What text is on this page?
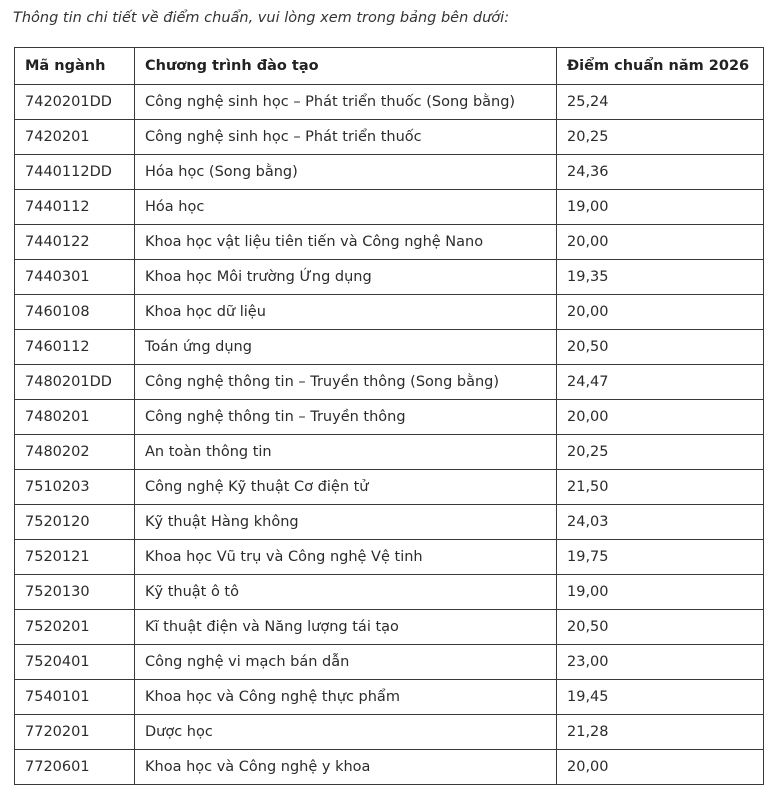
Thông tin chi tiết về điểm chuẩn, vui lòng xem trong bảng bên dưới:
Mã ngành	Chương trình đào tạo	Điểm chuẩn năm 2026
7420201DD	Công nghệ sinh học – Phát triển thuốc (Song bằng)	25,24
7420201	Công nghệ sinh học – Phát triển thuốc	20,25
7440112DD	Hóa học (Song bằng)	24,36
7440112	Hóa học	19,00
7440122	Khoa học vật liệu tiên tiến và Công nghệ Nano	20,00
7440301	Khoa học Môi trường Ứng dụng	19,35
7460108	Khoa học dữ liệu	20,00
7460112	Toán ứng dụng	20,50
7480201DD	Công nghệ thông tin – Truyền thông (Song bằng)	24,47
7480201	Công nghệ thông tin – Truyền thông	20,00
7480202	An toàn thông tin	20,25
7510203	Công nghệ Kỹ thuật Cơ điện tử	21,50
7520120	Kỹ thuật Hàng không	24,03
7520121	Khoa học Vũ trụ và Công nghệ Vệ tinh	19,75
7520130	Kỹ thuật ô tô	19,00
7520201	Kĩ thuật điện và Năng lượng tái tạo	20,50
7520401	Công nghệ vi mạch bán dẫn	23,00
7540101	Khoa học và Công nghệ thực phẩm	19,45
7720201	Dược học	21,28
7720601	Khoa học và Công nghệ y khoa	20,00
